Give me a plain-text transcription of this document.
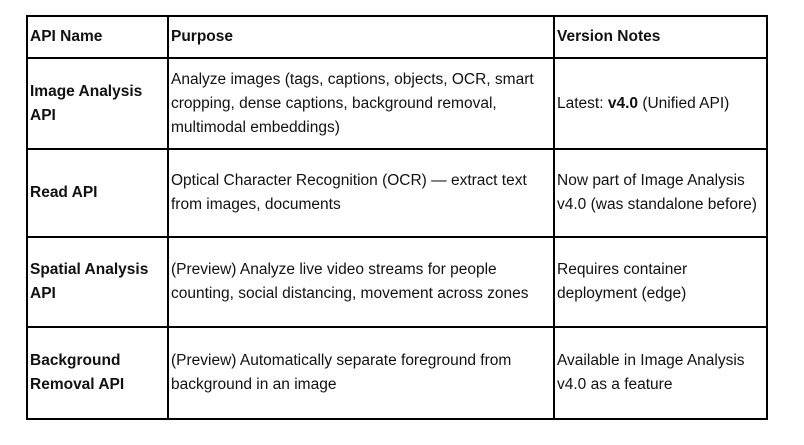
API Name	Purpose	Version Notes
Image Analysis API	Analyze images (tags, captions, objects, OCR, smart cropping, dense captions, background removal, multimodal embeddings)	Latest: v4.0 (Unified API)
Read API	Optical Character Recognition (OCR) — extract text from images, documents	Now part of Image Analysis v4.0 (was standalone before)
Spatial Analysis API	(Preview) Analyze live video streams for people counting, social distancing, movement across zones	Requires container deployment (edge)
Background Removal API	(Preview) Automatically separate foreground from background in an image	Available in Image Analysis v4.0 as a feature
